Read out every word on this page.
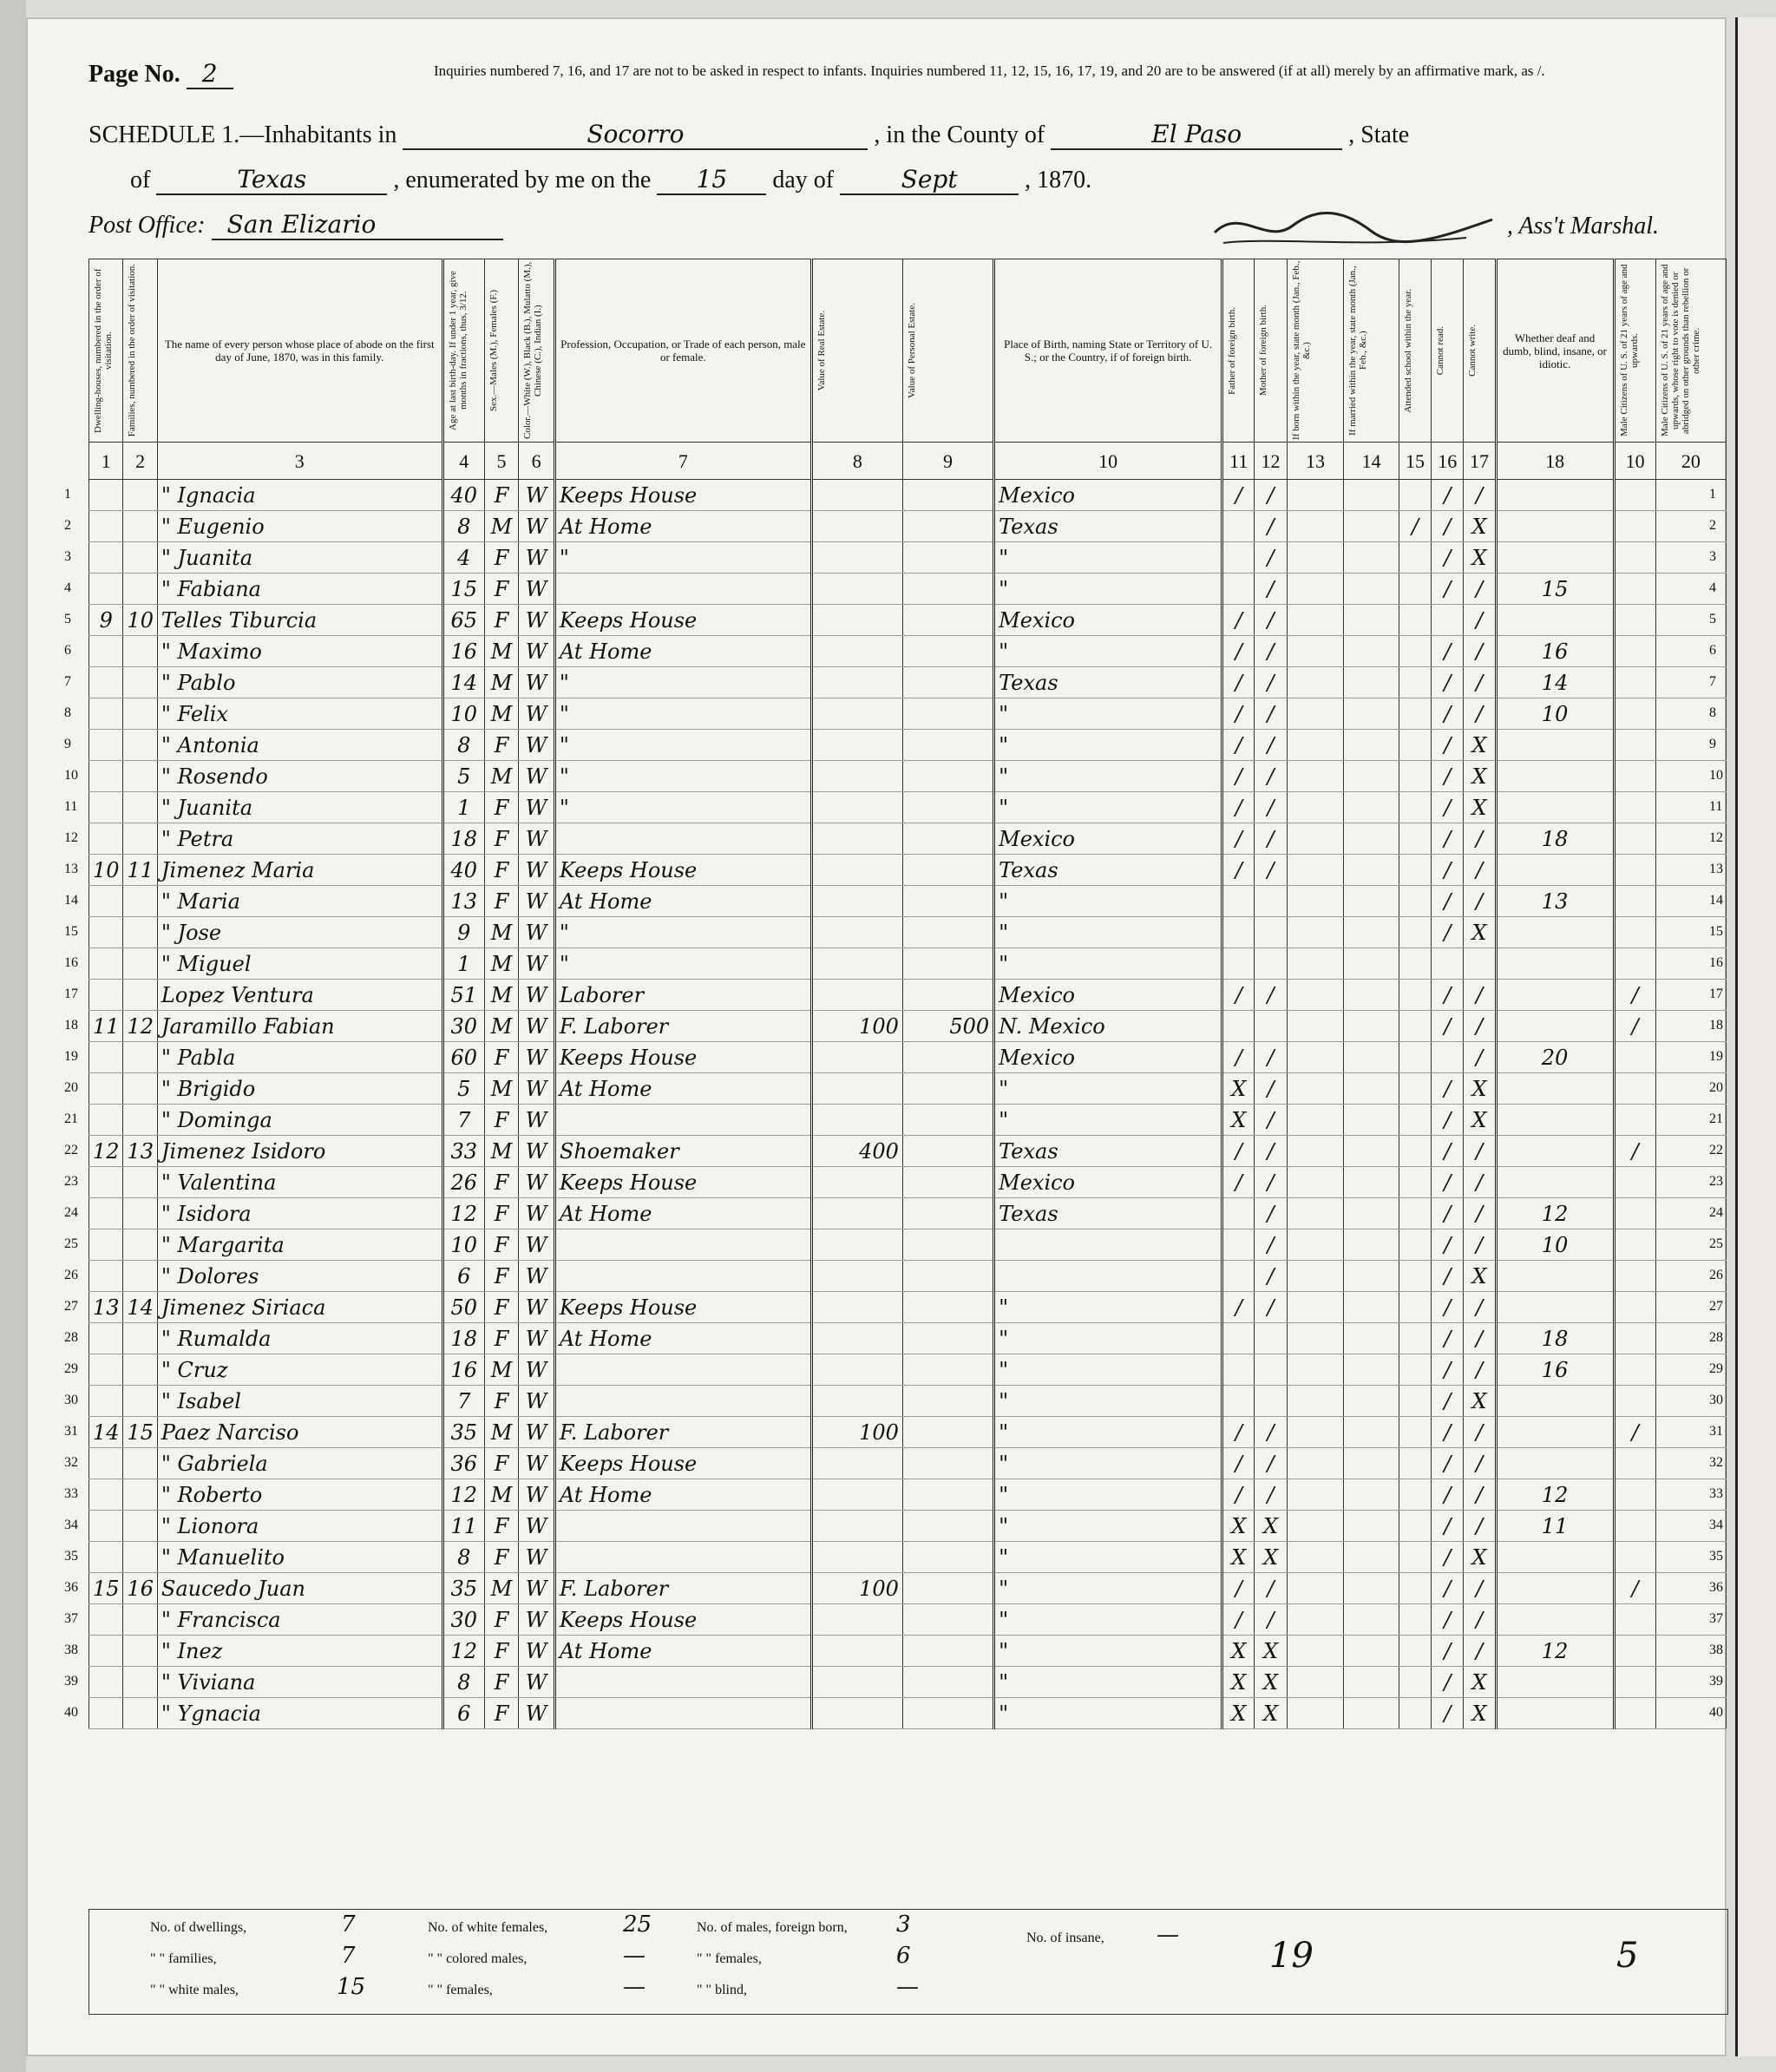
Page No. 2	Inquiries numbered 7, 16, and 17 are not to be asked in respect to infants. Inquiries numbered 11, 12, 15, 16, 17, 19, and 20 are to be answered (if at all) merely by an affirmative mark, as /.
SCHEDULE 1.—Inhabitants in	Socorro	, in the County of	El Paso	, State
of	Texas	, enumerated by me on the 15 day of	Sept	, 1870.
Post Office: San Elizario	, Ass't Marshal.
Dwelling-houses, numbered in the order of visitation.	Families, numbered in the order of visitation.	The name of every person whose place of abode on the first day of June, 1870, was in this family.	Age at last birth-day. If under 1 year, give months in fractions, thus, 3/12.	Sex.—Males (M.), Females (F.)	Color.—White (W.), Black (B.), Mulatto (M.), Chinese (C.), Indian (I.)	Profession, Occupation, or Trade of each person, male or female.	Value of Real Estate.	Value of Personal Estate.	Place of Birth, naming State or Territory of U. S.; or the Country, if of foreign birth.	Father of foreign birth.	Mother of foreign birth.	If born within the year, state month (Jan., Feb., &c.)	If married within the year, state month (Jan., Feb., &c.)	Attended school within the year.	Cannot read.	Cannot write.	Whether deaf and dumb, blind, insane, or idiotic.	Male Citizens of U. S. of 21 years of age and upwards.	Male Citizens of U. S. of 21 years of age and upwards, whose right to vote is denied or abridged on other grounds than rebellion or other crime.

1	2	3	4	5	6	7	8	9	10	11	12	13	14	15	16	17	18	10	20
		" Ignacia	40	F	W	Keeps House			Mexico	/	/				/	/			
		" Eugenio	8	M	W	At Home			Texas		/			/	/	X			
		" Juanita	4	F	W	"			"		/				/	X			
		" Fabiana	15	F	W				"		/				/	/	15		
9	10	Telles Tiburcia	65	F	W	Keeps House			Mexico	/	/					/			
		" Maximo	16	M	W	At Home			"	/	/				/	/	16		
		" Pablo	14	M	W	"			Texas	/	/				/	/	14		
		" Felix	10	M	W	"			"	/	/				/	/	10		
		" Antonia	8	F	W	"			"	/	/				/	X			
		" Rosendo	5	M	W	"			"	/	/				/	X			
		" Juanita	1	F	W	"			"	/	/				/	X			
		" Petra	18	F	W				Mexico	/	/				/	/	18		
10	11	Jimenez Maria	40	F	W	Keeps House			Texas	/	/				/	/			
		" Maria	13	F	W	At Home			"						/	/	13		
		" Jose	9	M	W	"			"						/	X			
		" Miguel	1	M	W	"			"										
		Lopez Ventura	51	M	W	Laborer			Mexico	/	/				/	/		/	
11	12	Jaramillo Fabian	30	M	W	F. Laborer	100	500	N. Mexico						/	/		/	
		" Pabla	60	F	W	Keeps House			Mexico	/	/					/	20		
		" Brigido	5	M	W	At Home			"	X	/				/	X			
		" Dominga	7	F	W				"	X	/				/	X			
12	13	Jimenez Isidoro	33	M	W	Shoemaker	400		Texas	/	/				/	/		/	
		" Valentina	26	F	W	Keeps House			Mexico	/	/				/	/			
		" Isidora	12	F	W	At Home			Texas		/				/	/	12		
		" Margarita	10	F	W						/				/	/	10		
		" Dolores	6	F	W						/				/	X			
13	14	Jimenez Siriaca	50	F	W	Keeps House			"	/	/				/	/			
		" Rumalda	18	F	W	At Home			"						/	/	18		
		" Cruz	16	M	W				"						/	/	16		
		" Isabel	7	F	W				"						/	X			
14	15	Paez Narciso	35	M	W	F. Laborer	100		"	/	/				/	/		/	
		" Gabriela	36	F	W	Keeps House			"	/	/				/	/			
		" Roberto	12	M	W	At Home			"	/	/				/	/	12		
		" Lionora	11	F	W				"	X	X				/	/	11		
		" Manuelito	8	F	W				"	X	X				/	X			
15	16	Saucedo Juan	35	M	W	F. Laborer	100		"	/	/				/	/		/	
		" Francisca	30	F	W	Keeps House			"	/	/				/	/			
		" Inez	12	F	W	At Home			"	X	X				/	/	12		
		" Viviana	8	F	W				"	X	X				/	X			
		" Ygnacia	6	F	W				"	X	X				/	X			
No. of dwellings,	7
" " families,	7
" " white males,	15
No. of white females,	25
" " colored males,	—
" " females,	—
No. of males, foreign born, 3
" " females,	6
" " blind,	—
No. of insane, —
19	5
1	1
2	2
3	3
4	4
5	5
6	6
7	7
8	8
9	9
10	10
11	11
12	12
13	13
14	14
15	15
16	16
17	17
18	18
19	19
20	20
21	21
22	22
23	23
24	24
25	25
26	26
27	27
28	28
29	29
30	30
31	31
32	32
33	33
34	34
35	35
36	36
37	37
38	38
39	39
40	40
